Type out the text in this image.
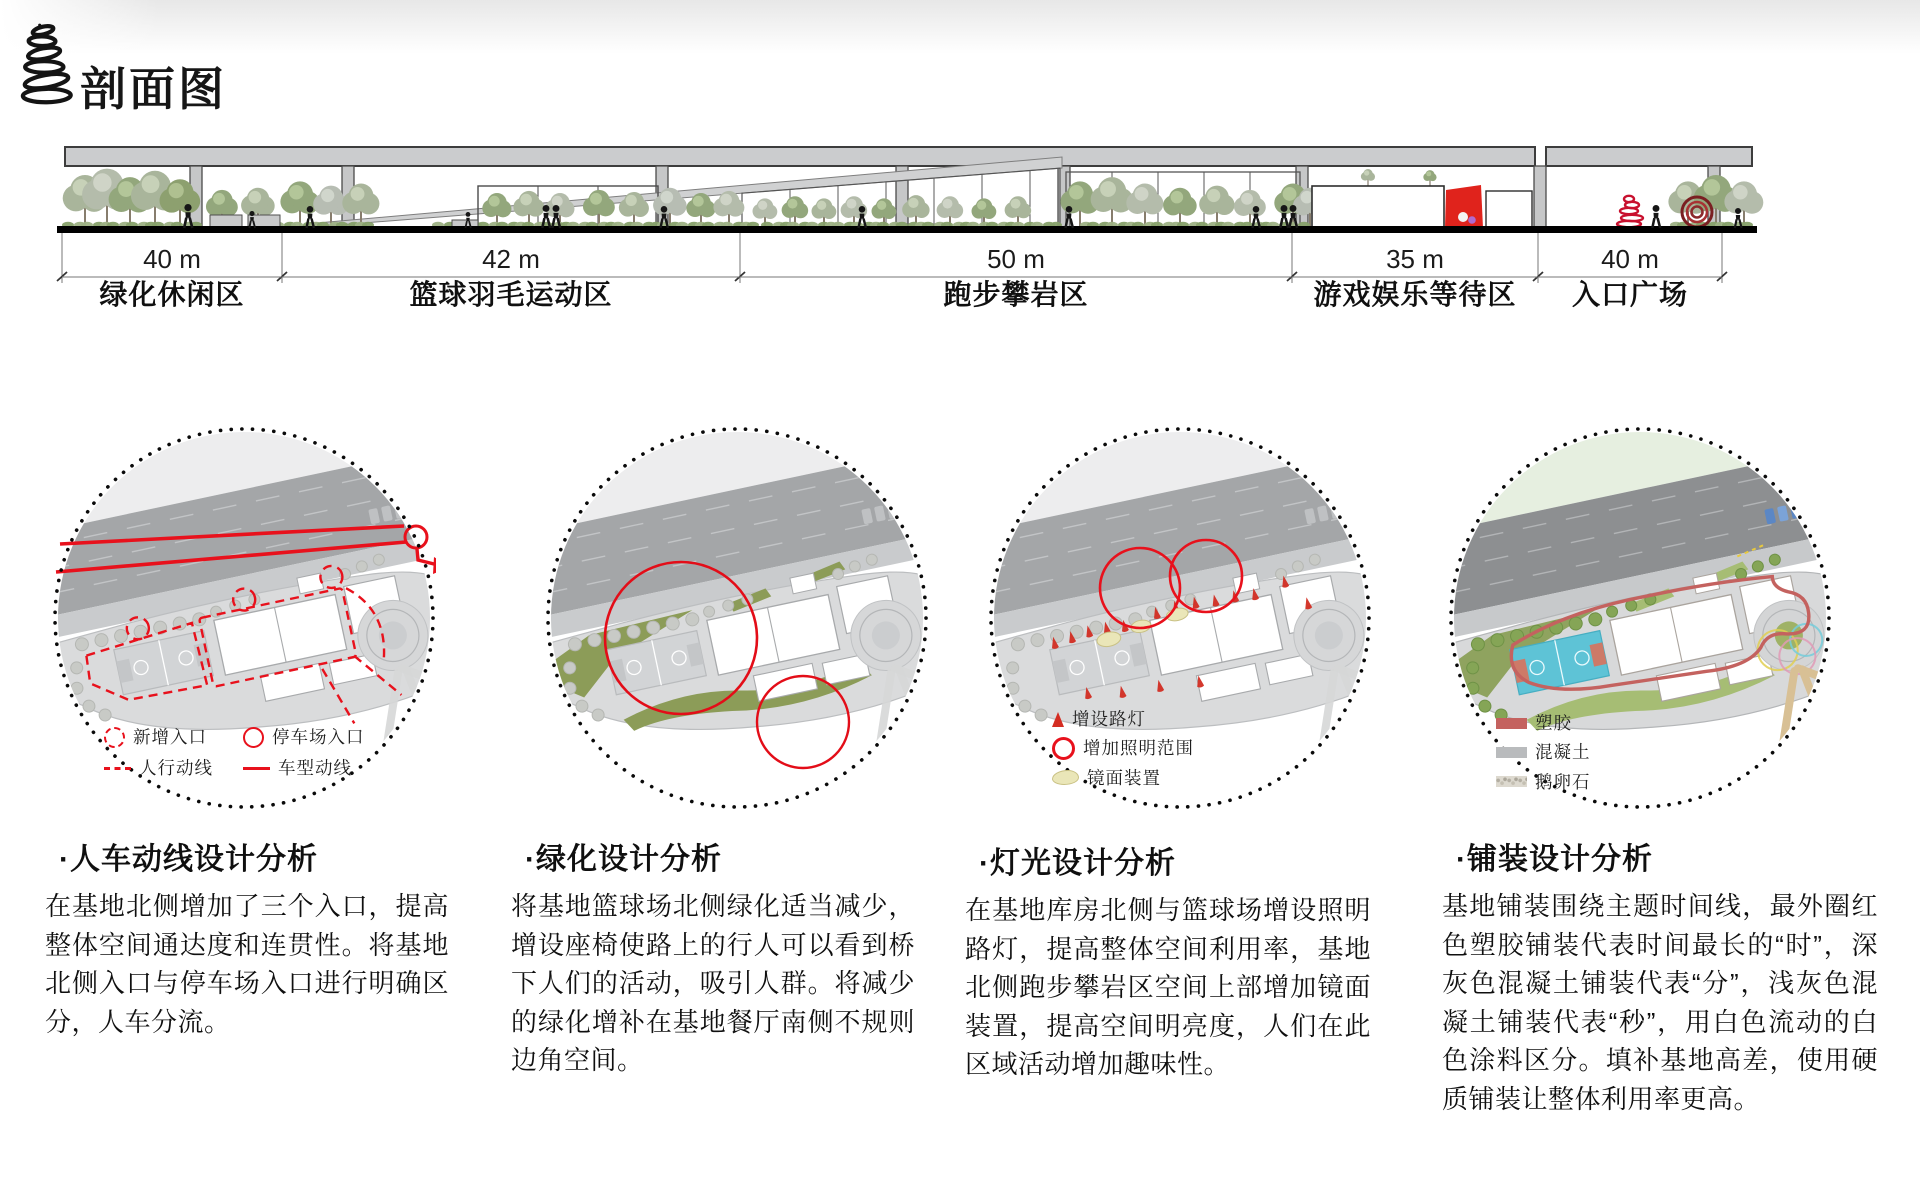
剖面图
40 m
绿化休闲区
42 m
篮球羽毛运动区
50 m
跑步攀岩区
35 m
游戏娱乐等待区
40 m
入口广场
新增入口	停车场入口
人行动线	车型动线
增设路灯
增加照明范围
镜面装置
塑胶
混凝土
鹅卵石
·人车动线设计分析

在基地北侧增加了三个入口，提高整体空间通达度和连贯性。将基地北侧入口与停车场入口进行明确区分，人车分流。

·绿化设计分析

将基地篮球场北侧绿化适当减少，增设座椅使路上的行人可以看到桥下人们的活动，吸引人群。将减少的绿化增补在基地餐厅南侧不规则边角空间。

·灯光设计分析

在基地库房北侧与篮球场增设照明路灯，提高整体空间利用率，基地北侧跑步攀岩区空间上部增加镜面装置，提高空间明亮度，人们在此区域活动增加趣味性。

·铺装设计分析

基地铺装围绕主题时间线，最外圈红色塑胶铺装代表时间最长的“时”，深灰色混凝土铺装代表“分”，浅灰色混凝土铺装代表“秒”，用白色流动的白色涂料区分。填补基地高差，使用硬质铺装让整体利用率更高。
